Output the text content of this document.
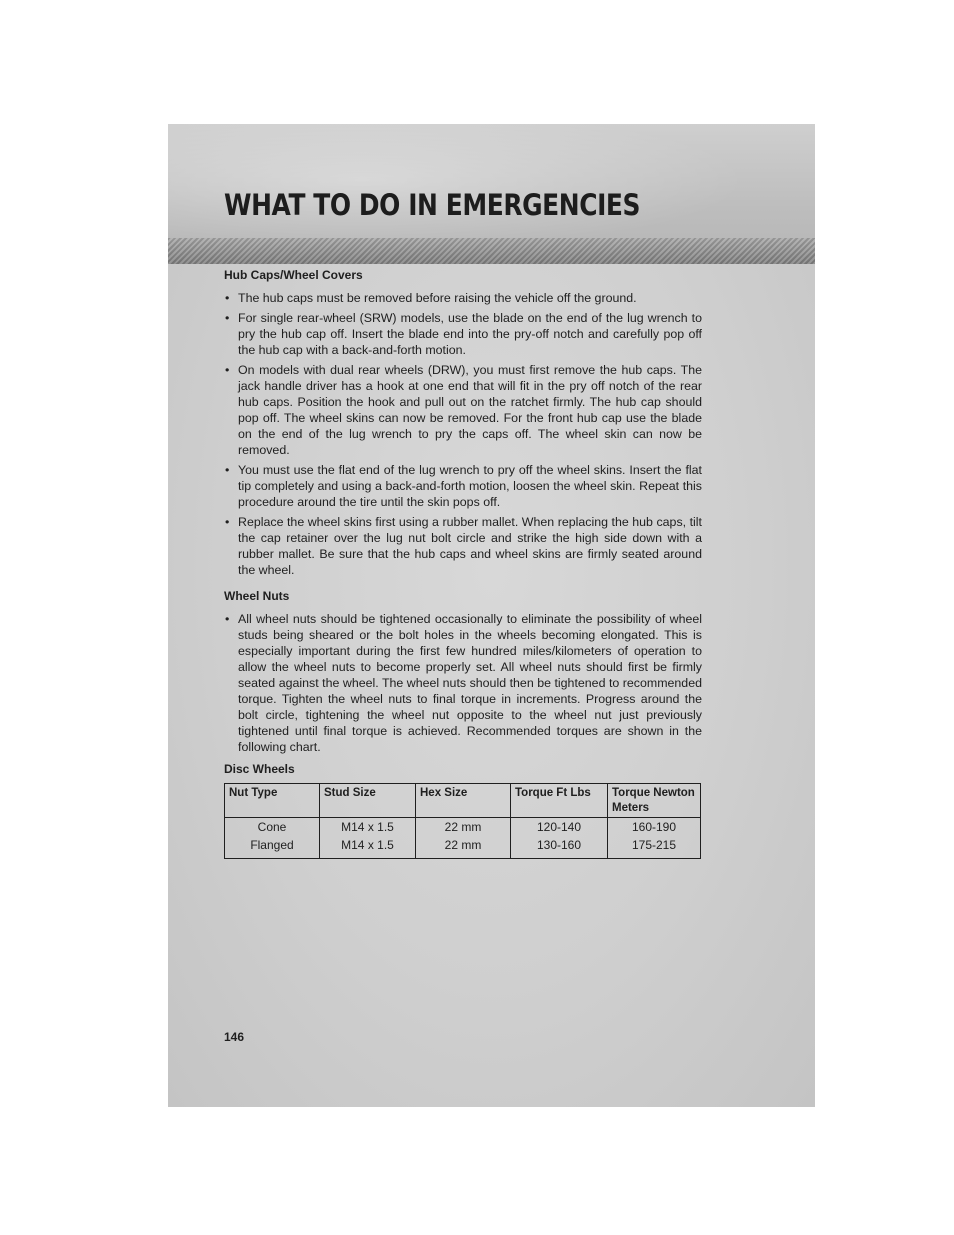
WHAT TO DO IN EMERGENCIES
Hub Caps/Wheel Covers
• The hub caps must be removed before raising the vehicle off the ground.
• For single rear-wheel (SRW) models, use the blade on the end of the lug wrench to pry the hub cap off. Insert the blade end into the pry-off notch and carefully pop off the hub cap with a back-and-forth motion.
• On models with dual rear wheels (DRW), you must first remove the hub caps. The jack handle driver has a hook at one end that will fit in the pry off notch of the rear hub caps. Position the hook and pull out on the ratchet firmly. The hub cap should pop off. The wheel skins can now be removed. For the front hub cap use the blade on the end of the lug wrench to pry the caps off. The wheel skin can now be removed.
• You must use the flat end of the lug wrench to pry off the wheel skins. Insert the flat tip completely and using a back-and-forth motion, loosen the wheel skin. Repeat this procedure around the tire until the skin pops off.
• Replace the wheel skins first using a rubber mallet. When replacing the hub caps, tilt the cap retainer over the lug nut bolt circle and strike the high side down with a rubber mallet. Be sure that the hub caps and wheel skins are firmly seated around the wheel.
Wheel Nuts
• All wheel nuts should be tightened occasionally to eliminate the possibility of wheel studs being sheared or the bolt holes in the wheels becoming elongated. This is especially important during the first few hundred miles/kilometers of operation to allow the wheel nuts to become properly set. All wheel nuts should first be firmly seated against the wheel. The wheel nuts should then be tightened to recommended torque. Tighten the wheel nuts to final torque in increments. Progress around the bolt circle, tightening the wheel nut opposite to the wheel nut just previously tightened until final torque is achieved. Recommended torques are shown in the following chart.
Disc Wheels
Nut Type	Stud Size	Hex Size	Torque Ft Lbs	Torque Newton Meters
Cone	M14 x 1.5	22 mm	120-140	160-190
Flanged	M14 x 1.5	22 mm	130-160	175-215
146
